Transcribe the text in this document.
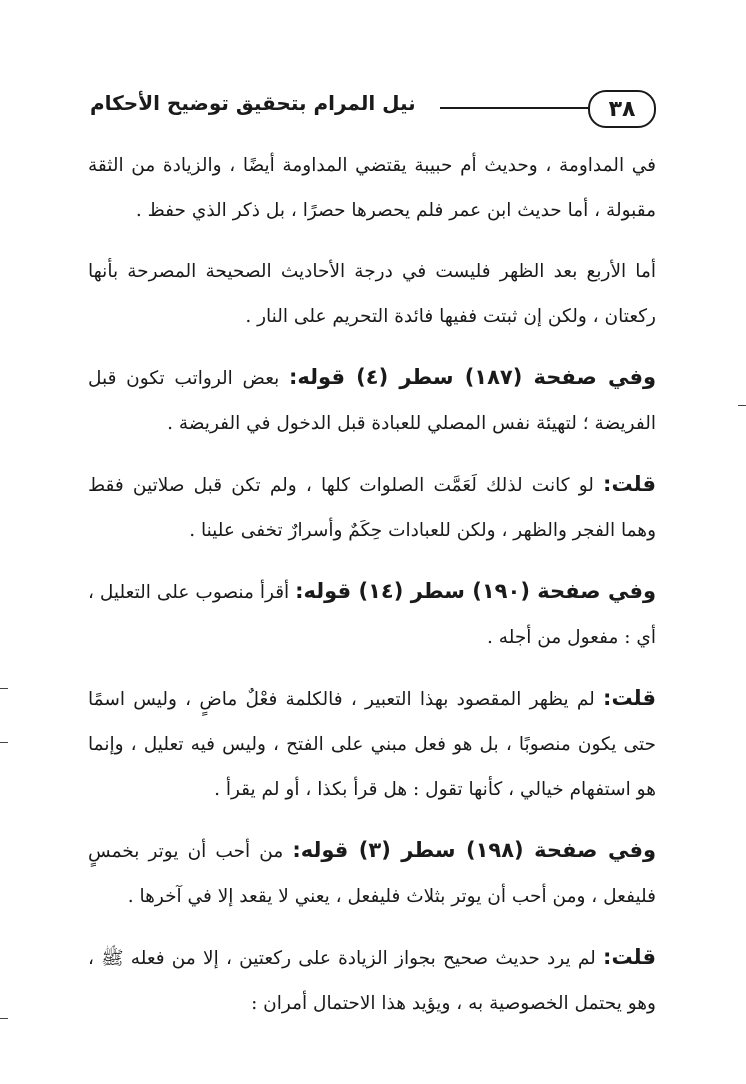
٣٨
نيل المرام بتحقيق توضيح الأحكام

في المداومة ، وحديث أم حبيبة يقتضي المداومة أيضًا ، والزيادة من الثقة مقبولة ، أما حديث ابن عمر فلم يحصرها حصرًا ، بل ذكر الذي حفظ .

أما الأربع بعد الظهر فليست في درجة الأحاديث الصحيحة المصرحة بأنها ركعتان ، ولكن إن ثبتت ففيها فائدة التحريم على النار .

وفي صفحة (١٨٧) سطر (٤) قوله: بعض الرواتب تكون قبل الفريضة ؛ لتهيئة نفس المصلي للعبادة قبل الدخول في الفريضة .

قلت: لو كانت لذلك لَعَمَّت الصلوات كلها ، ولم تكن قبل صلاتين فقط وهما الفجر والظهر ، ولكن للعبادات حِكَمٌ وأسرارٌ تخفى علينا .

وفي صفحة (١٩٠) سطر (١٤) قوله: أقرأ منصوب على التعليل ، أي : مفعول من أجله .

قلت: لم يظهر المقصود بهذا التعبير ، فالكلمة فعْلٌ ماضٍ ، وليس اسمًا حتى يكون منصوبًا ، بل هو فعل مبني على الفتح ، وليس فيه تعليل ، وإنما هو استفهام خيالي ، كأنها تقول : هل قرأ بكذا ، أو لم يقرأ .

وفي صفحة (١٩٨) سطر (٣) قوله: من أحب أن يوتر بخمسٍ فليفعل ، ومن أحب أن يوتر بثلاث فليفعل ، يعني لا يقعد إلا في آخرها .

قلت: لم يرد حديث صحيح بجواز الزيادة على ركعتين ، إلا من فعله ﷺ ، وهو يحتمل الخصوصية به ، ويؤيد هذا الاحتمال أمران :
